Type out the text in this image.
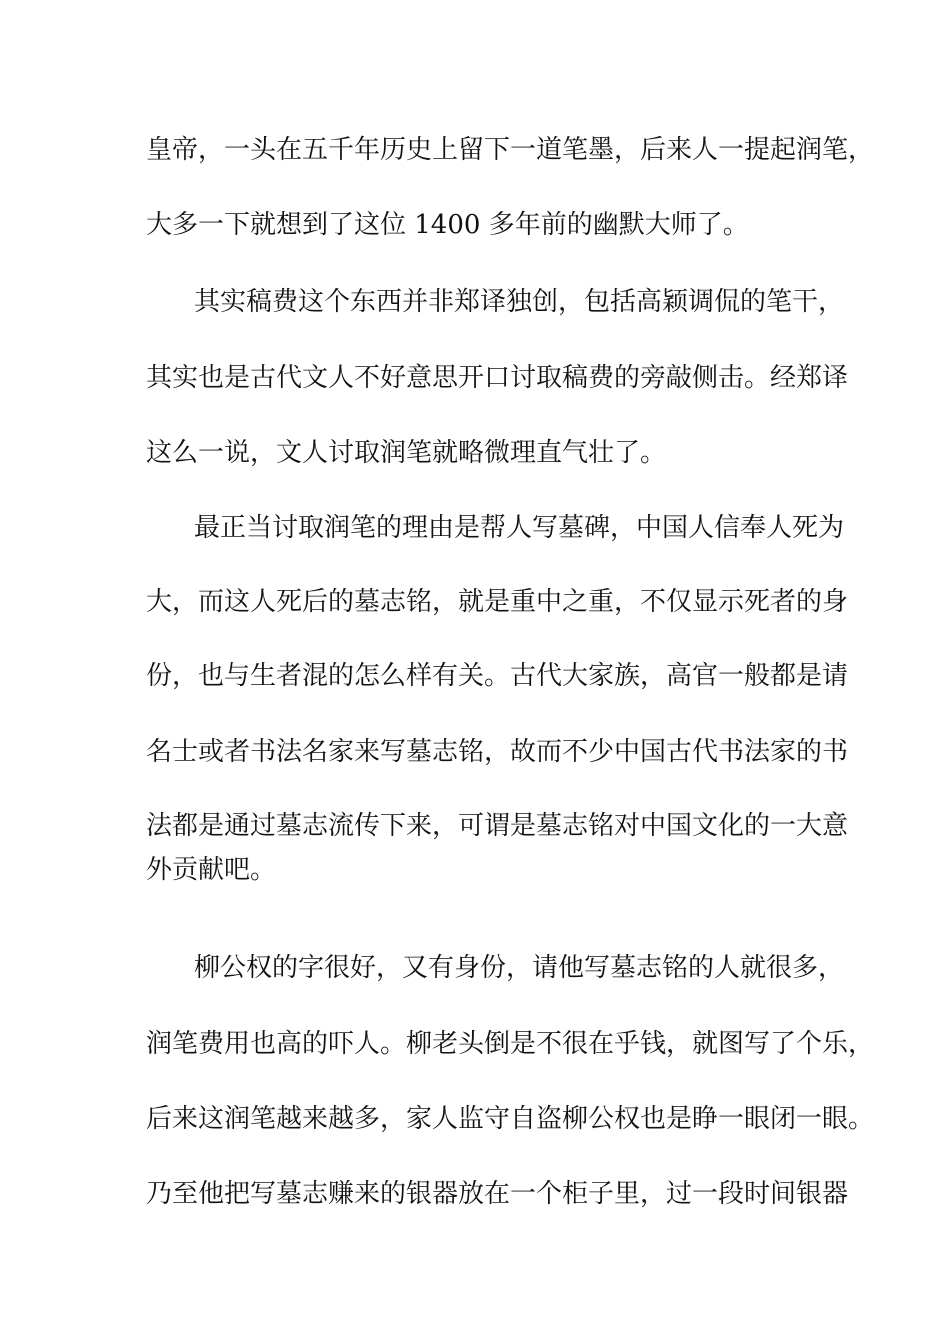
皇帝，一头在五千年历史上留下一道笔墨，后来人一提起润笔，
大多一下就想到了这位 1400 多年前的幽默大师了。
其实稿费这个东西并非郑译独创，包括高颖调侃的笔干，
其实也是古代文人不好意思开口讨取稿费的旁敲侧击。经郑译
这么一说，文人讨取润笔就略微理直气壮了。
最正当讨取润笔的理由是帮人写墓碑，中国人信奉人死为
大，而这人死后的墓志铭，就是重中之重，不仅显示死者的身
份，也与生者混的怎么样有关。古代大家族，高官一般都是请
名士或者书法名家来写墓志铭，故而不少中国古代书法家的书
法都是通过墓志流传下来，可谓是墓志铭对中国文化的一大意
外贡献吧。
柳公权的字很好，又有身份，请他写墓志铭的人就很多，
润笔费用也高的吓人。柳老头倒是不很在乎钱，就图写了个乐，
后来这润笔越来越多，家人监守自盗柳公权也是睁一眼闭一眼。
乃至他把写墓志赚来的银器放在一个柜子里，过一段时间银器
